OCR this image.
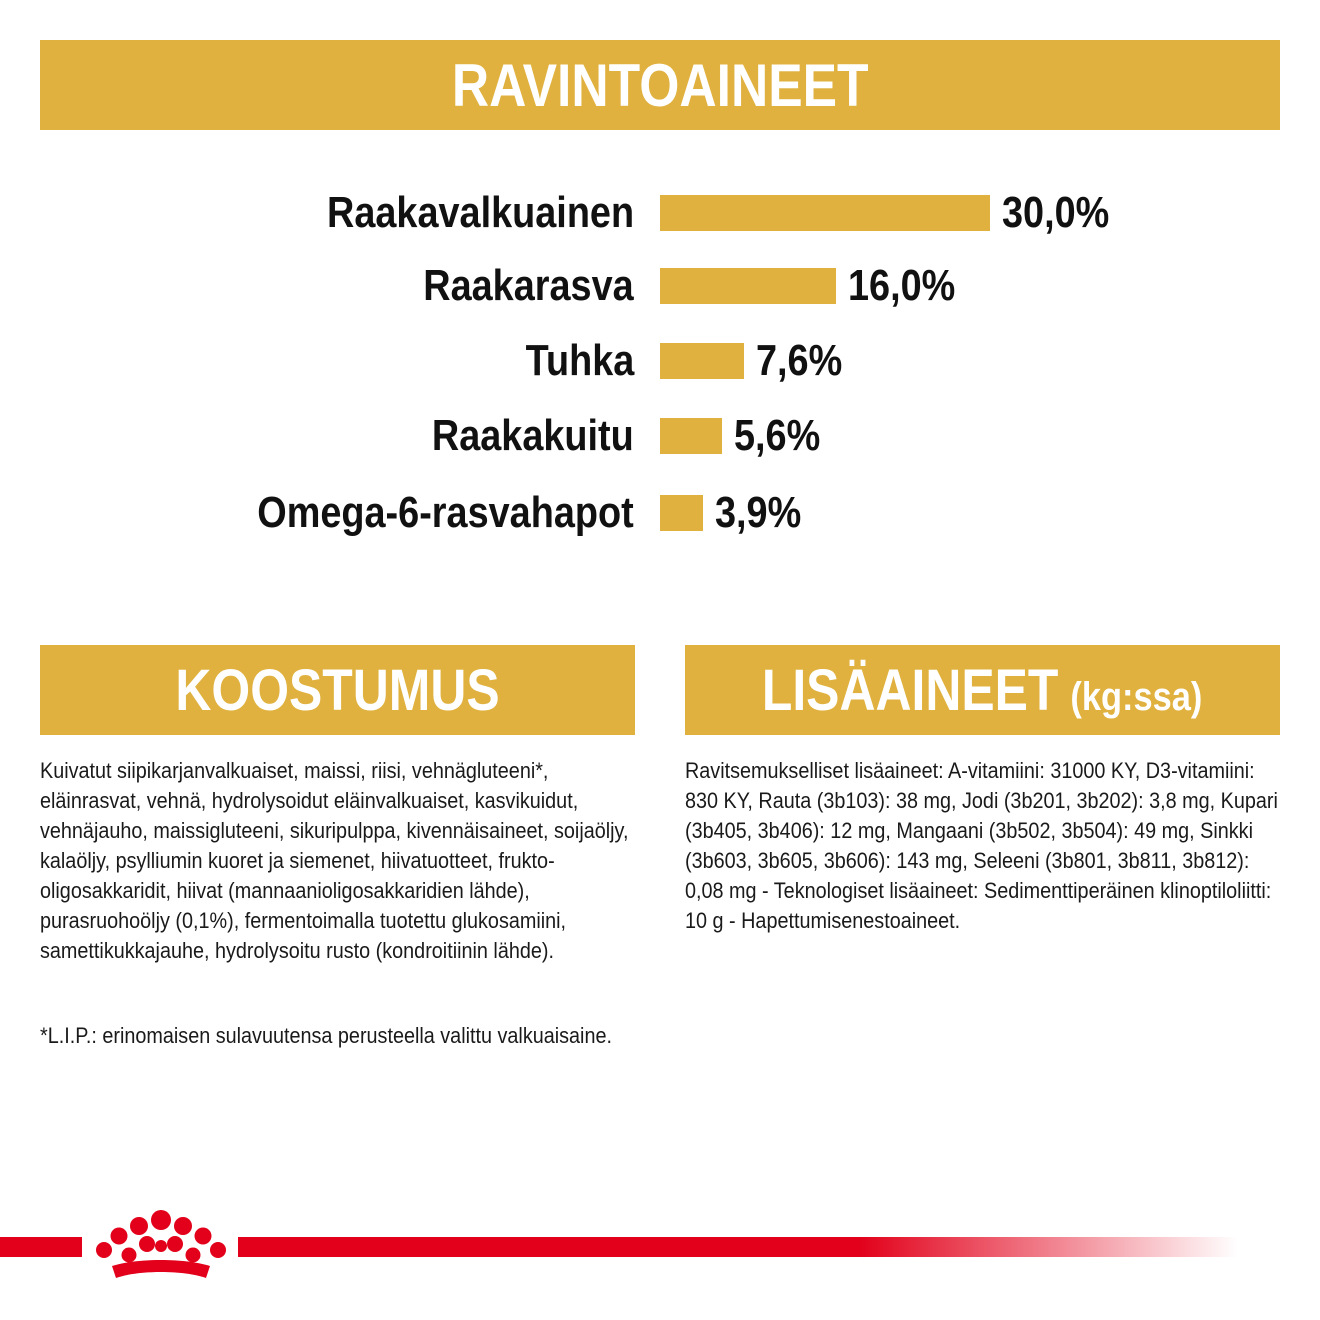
RAVINTOAINEET
Raakavalkuainen	30,0%
Raakarasva	16,0%
Tuhka	7,6%
Raakakuitu 5,6%
Omega-6-rasvahapot 3,9%
KOOSTUMUS
Kuivatut siipikarjanvalkuaiset, maissi, riisi, vehnägluteeni*, eläinrasvat, vehnä, hydrolysoidut eläinvalkuaiset, kasvikuidut, vehnäjauho, maissigluteeni, sikuripulppa, kivennäisaineet, soijaöljy, kalaöljy, psylliumin kuoret ja siemenet, hiivatuotteet, frukto-oligosakkaridit, hiivat (mannaanioligosakkaridien lähde), purasruohoöljy (0,1%), fermentoimalla tuotettu glukosamiini, samettikukkajauhe, hydrolysoitu rusto (kondroitiinin lähde).
*L.I.P.: erinomaisen sulavuutensa perusteella valittu valkuaisaine.
LISÄAINEET (kg:ssa)
Ravitsemukselliset lisäaineet: A-vitamiini: 31000 KY, D3-vitamiini: 830 KY, Rauta (3b103): 38 mg, Jodi (3b201, 3b202): 3,8 mg, Kupari (3b405, 3b406): 12 mg, Mangaani (3b502, 3b504): 49 mg, Sinkki (3b603, 3b605, 3b606): 143 mg, Seleeni (3b801, 3b811, 3b812): 0,08 mg - Teknologiset lisäaineet: Sedimenttiperäinen klinoptiloliitti: 10 g - Hapettumisenestoaineet.
